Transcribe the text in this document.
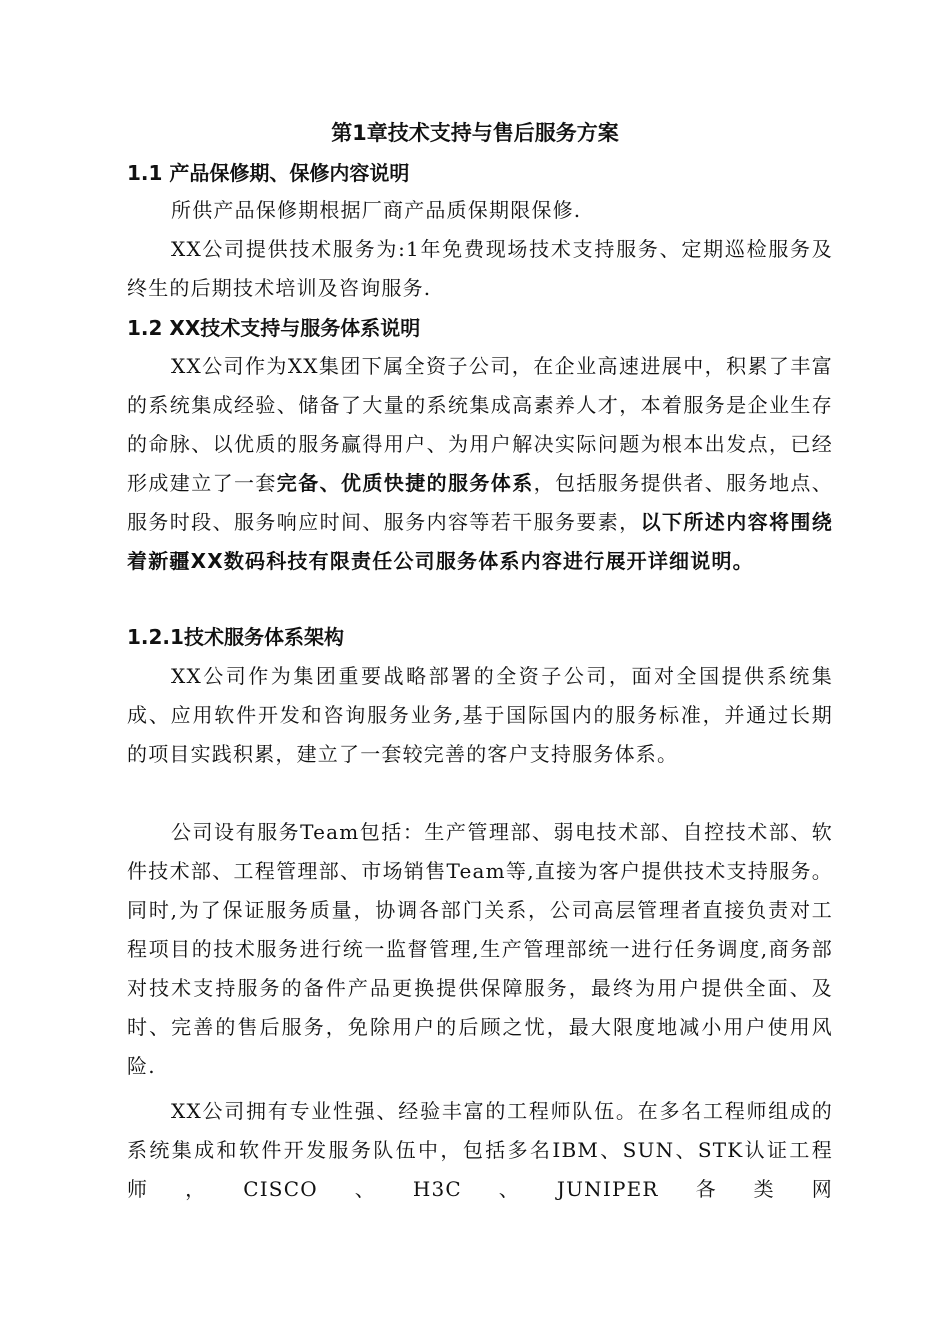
第1章技术支持与售后服务方案
1.1 产品保修期、保修内容说明

所供产品保修期根据厂商产品质保期限保修.

XX公司提供技术服务为:1年免费现场技术支持服务、定期巡检服务及终生的后期技术培训及咨询服务.

1.2 XX技术支持与服务体系说明

XX公司作为XX集团下属全资子公司，在企业高速进展中，积累了丰富的系统集成经验、储备了大量的系统集成高素养人才，本着服务是企业生存的命脉、以优质的服务赢得用户、为用户解决实际问题为根本出发点，已经形成建立了一套完备、优质快捷的服务体系，包括服务提供者、服务地点、服务时段、服务响应时间、服务内容等若干服务要素，以下所述内容将围绕着新疆XX数码科技有限责任公司服务体系内容进行展开详细说明。

1.2.1技术服务体系架构

XX公司作为集团重要战略部署的全资子公司，面对全国提供系统集成、应用软件开发和咨询服务业务,基于国际国内的服务标准，并通过长期的项目实践积累，建立了一套较完善的客户支持服务体系。

公司设有服务Team包括：生产管理部、弱电技术部、自控技术部、软件技术部、工程管理部、市场销售Team等,直接为客户提供技术支持服务。同时,为了保证服务质量，协调各部门关系，公司高层管理者直接负责对工程项目的技术服务进行统一监督管理,生产管理部统一进行任务调度,商务部对技术支持服务的备件产品更换提供保障服务，最终为用户提供全面、及时、完善的售后服务，免除用户的后顾之忧，最大限度地减小用户使用风险.

XX公司拥有专业性强、经验丰富的工程师队伍。在多名工程师组成的系统集成和软件开发服务队伍中，包括多名IBM、SUN、STK认证工程师，CISCO、H3C、JUNIPER各类网
